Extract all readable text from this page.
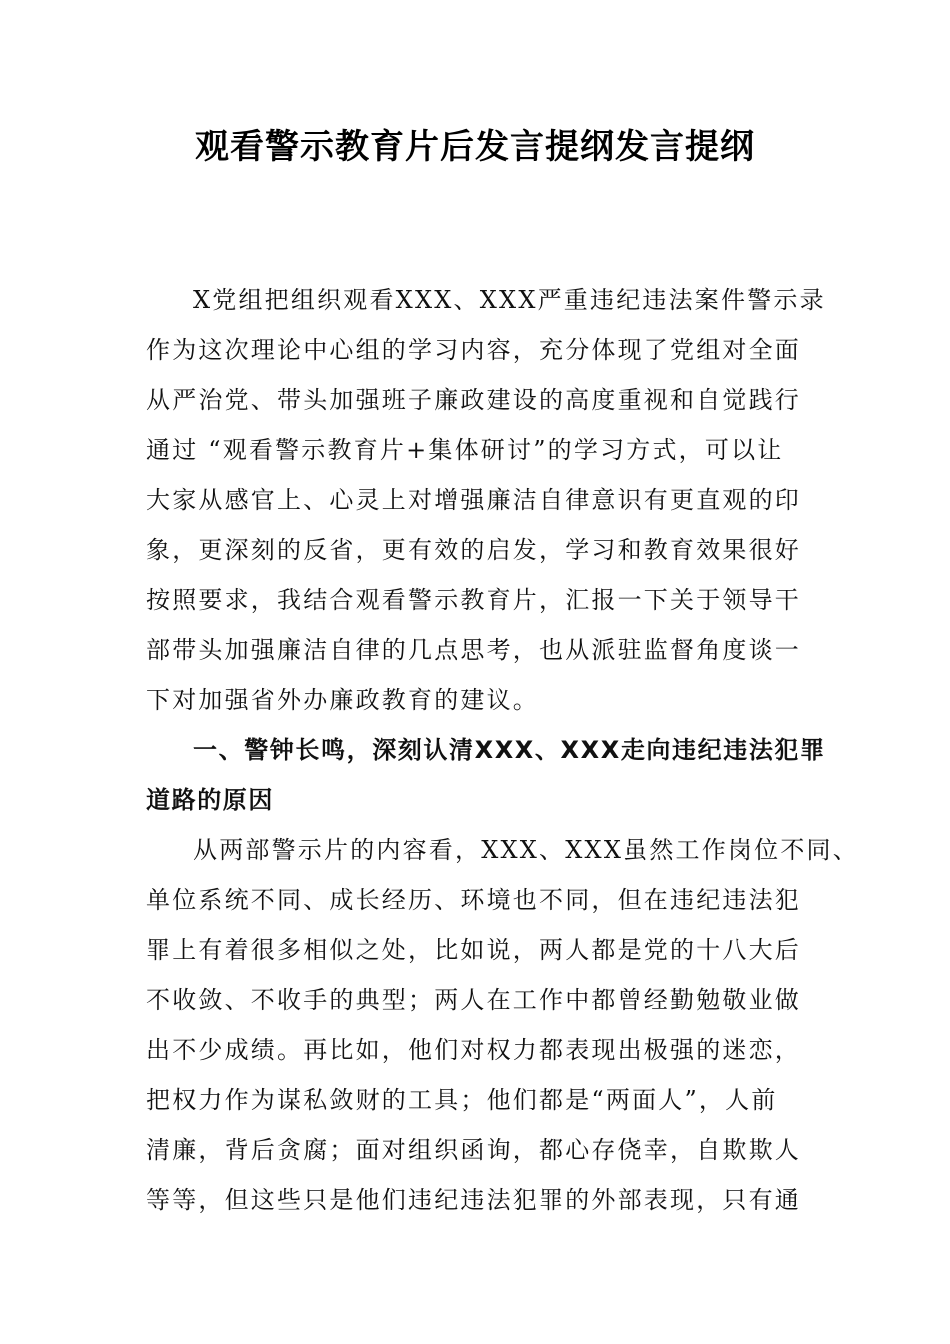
观看警示教育片后发言提纲发言提纲
X党组把组织观看XXX、XXX严重违纪违法案件警示录
作为这次理论中心组的学习内容，充分体现了党组对全面
从严治党、带头加强班子廉政建设的高度重视和自觉践行
通过 “观看警示教育片+集体研讨”的学习方式，可以让
大家从感官上、心灵上对增强廉洁自律意识有更直观的印
象，更深刻的反省，更有效的启发，学习和教育效果很好
按照要求，我结合观看警示教育片，汇报一下关于领导干
部带头加强廉洁自律的几点思考，也从派驻监督角度谈一
下对加强省外办廉政教育的建议。
一、警钟长鸣，深刻认清XXX、XXX走向违纪违法犯罪
道路的原因
从两部警示片的内容看，XXX、XXX虽然工作岗位不同、
单位系统不同、成长经历、环境也不同，但在违纪违法犯
罪上有着很多相似之处，比如说，两人都是党的十八大后
不收敛、不收手的典型；两人在工作中都曾经勤勉敬业做
出不少成绩。再比如，他们对权力都表现出极强的迷恋，
把权力作为谋私敛财的工具；他们都是“两面人”，人前
清廉，背后贪腐；面对组织函询，都心存侥幸，自欺欺人
等等，但这些只是他们违纪违法犯罪的外部表现，只有通
